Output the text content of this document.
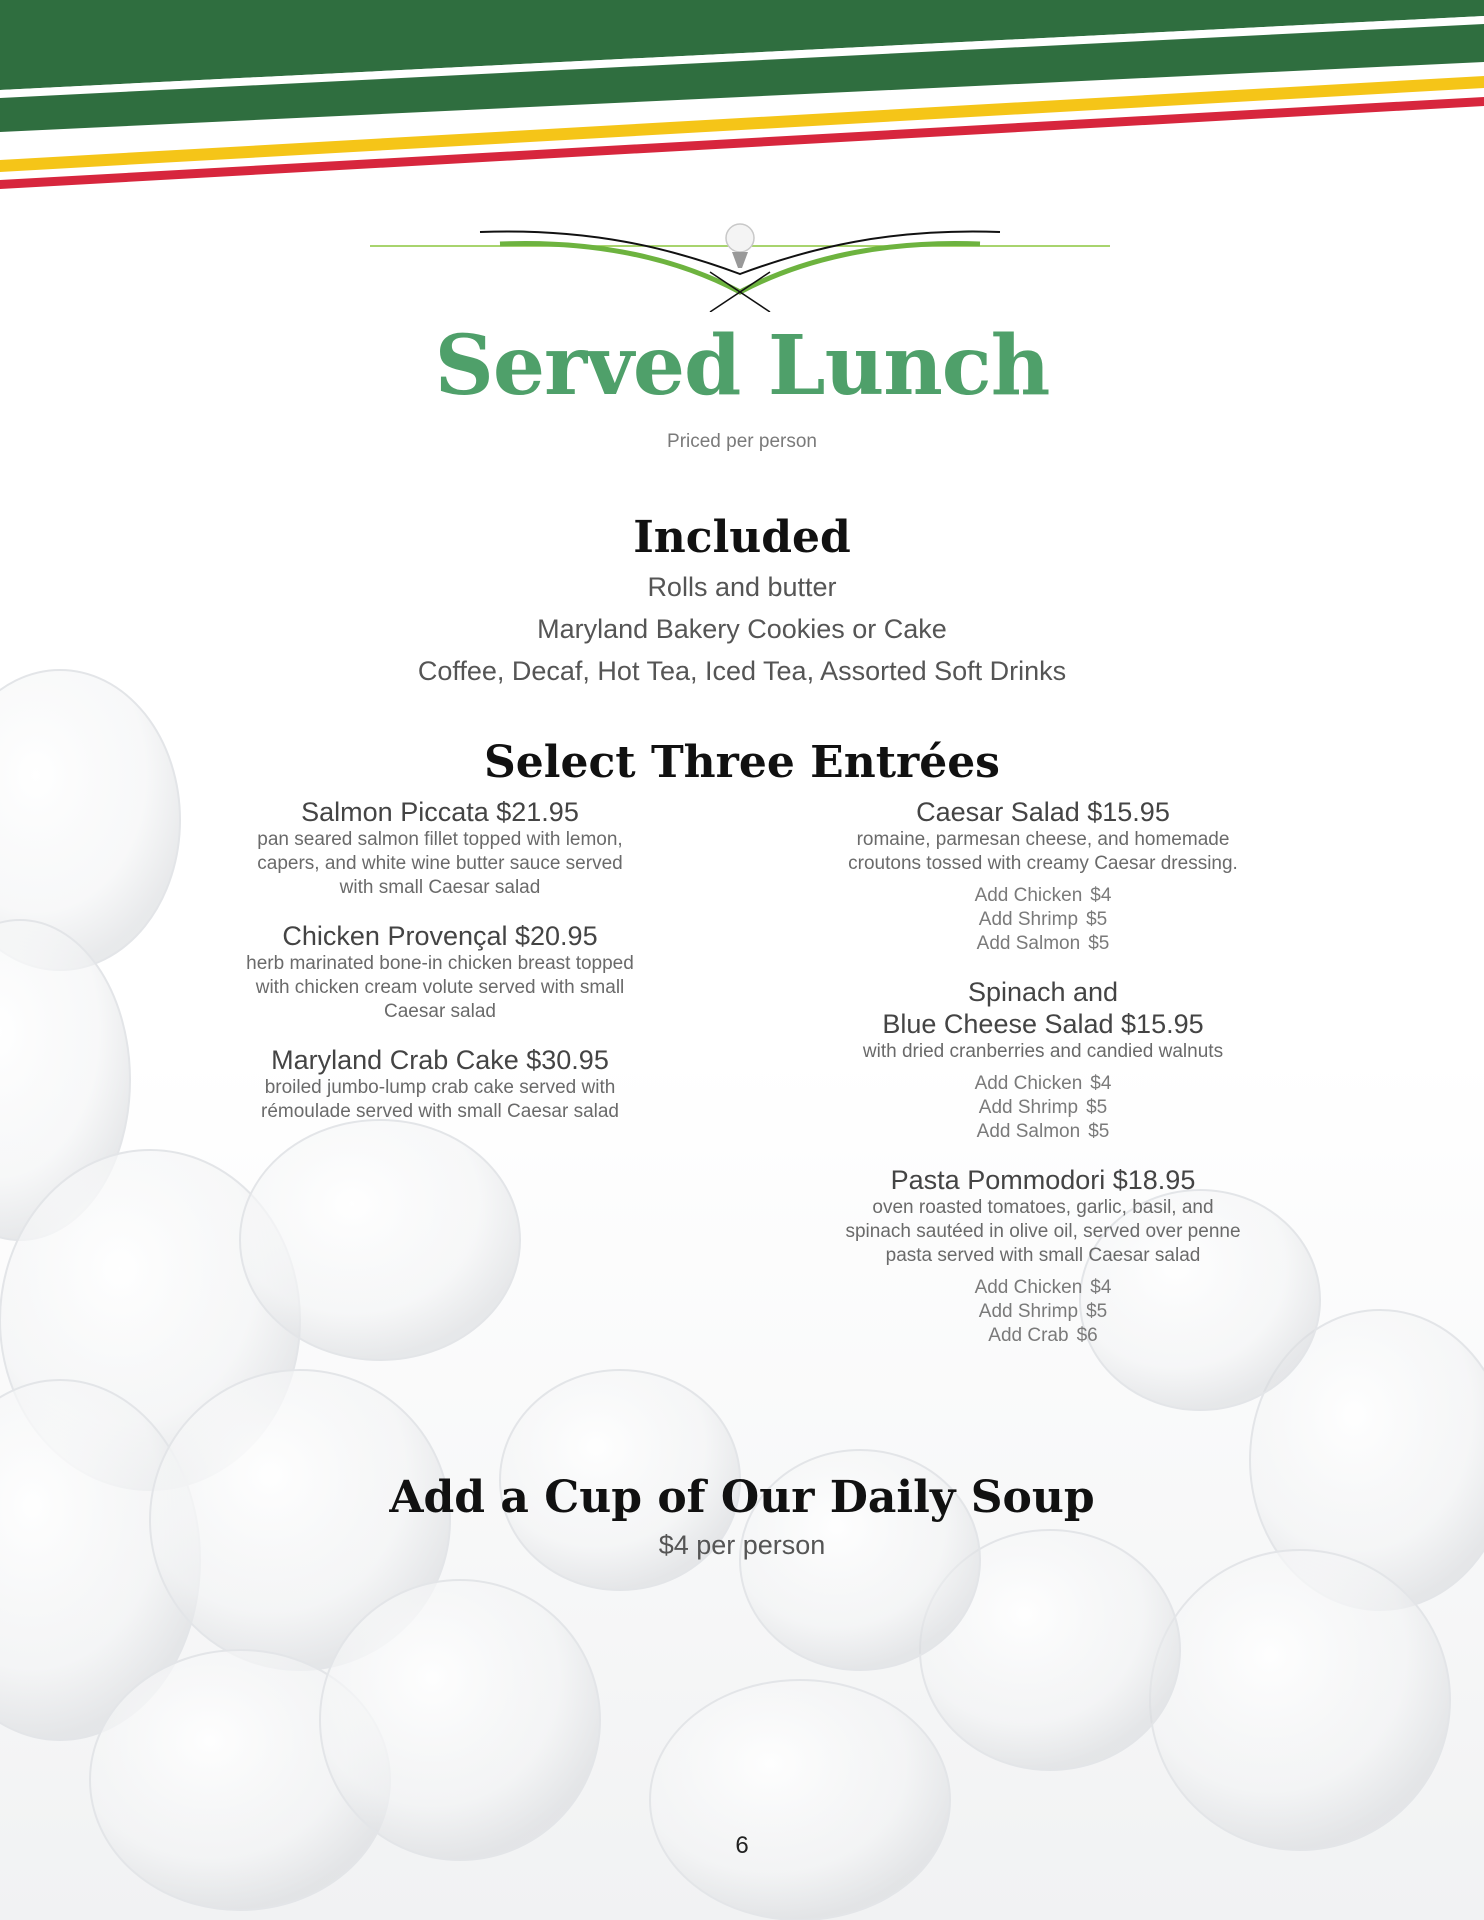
Served Lunch

Priced per person

Included
Rolls and butter
Maryland Bakery Cookies or Cake
Coffee, Decaf, Hot Tea, Iced Tea, Assorted Soft Drinks
Select Three Entrées
Salmon Piccata $21.95
pan seared salmon fillet topped with lemon,
capers, and white wine butter sauce served
with small Caesar salad
Chicken Provençal $20.95
herb marinated bone-in chicken breast topped
with chicken cream volute served with small
Caesar salad
Maryland Crab Cake $30.95
broiled jumbo-lump crab cake served with
rémoulade served with small Caesar salad
Caesar Salad $15.95
romaine, parmesan cheese, and homemade
croutons tossed with creamy Caesar dressing.
Add Chicken $4
Add Shrimp $5
Add Salmon $5
Spinach and
Blue Cheese Salad $15.95
with dried cranberries and candied walnuts
Add Chicken $4
Add Shrimp $5
Add Salmon $5
Pasta Pommodori $18.95
oven roasted tomatoes, garlic, basil, and
spinach sautéed in olive oil, served over penne
pasta served with small Caesar salad
Add Chicken $4
Add Shrimp $5
Add Crab $6
Add a Cup of Our Daily Soup

$4 per person

6
